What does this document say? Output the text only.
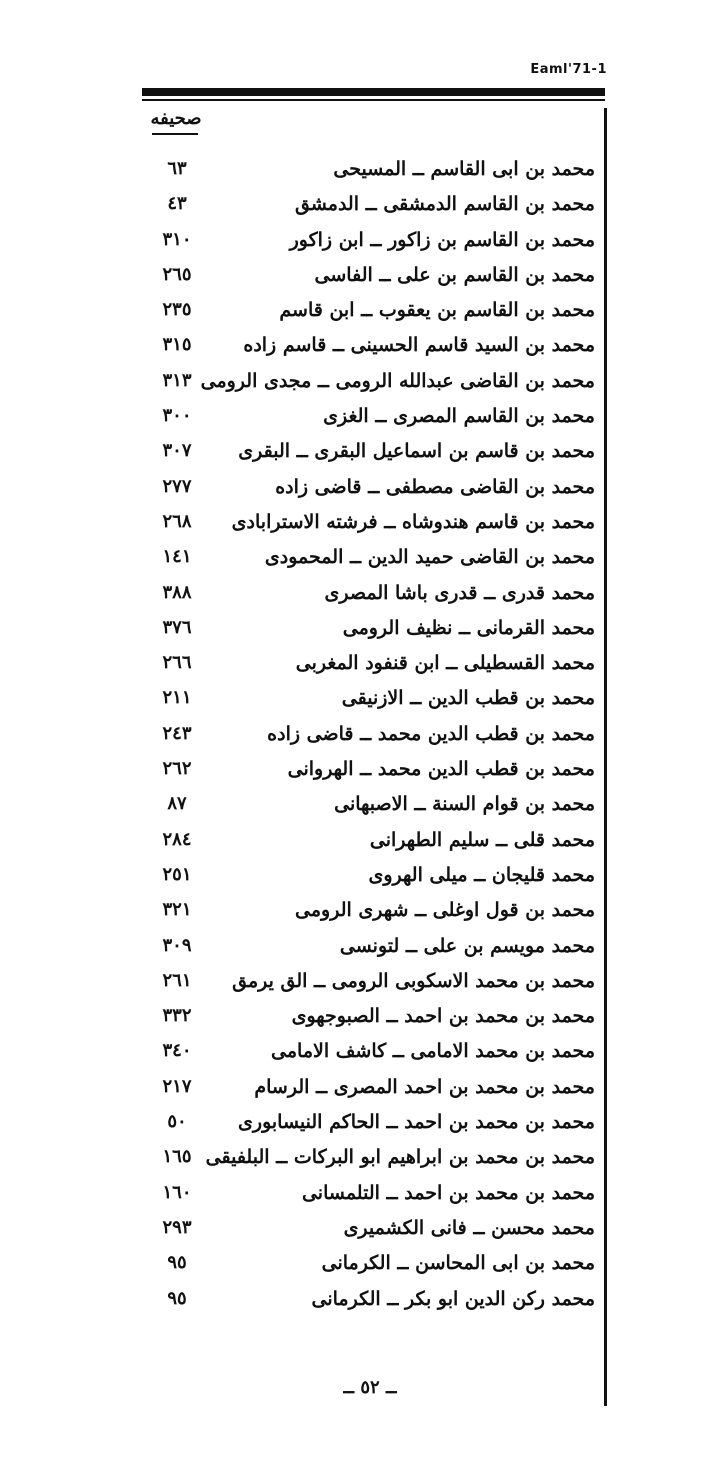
Eaml'71-1
صحيفه
محمد بن ابی القاسم ــ المسیحی
٦٣
محمد بن القاسم الدمشقی ــ الدمشق
٤٣
محمد بن القاسم بن زاکور ــ ابن زاکور
٣١٠
محمد بن القاسم بن علی ــ الفاسی
٢٦٥
محمد بن القاسم بن یعقوب ــ ابن قاسم
٢٣٥
محمد بن السید قاسم الحسینی ــ قاسم زاده
٣١٥
محمد بن القاضی عبدالله الرومی ــ مجدی الرومی
٣١٣
محمد بن القاسم المصری ــ الغزی
٣٠٠
محمد بن قاسم بن اسماعیل البقری ــ البقری
٣٠٧
محمد بن القاضی مصطفی ــ قاضی زاده
٢٧٧
محمد بن قاسم هندوشاه ــ فرشته الاسترابادی
٢٦٨
محمد بن القاضی حمید الدین ــ المحمودی
١٤١
محمد قدری ــ قدری باشا المصری
٣٨٨
محمد القرمانی ــ نظیف الرومی
٣٧٦
محمد القسطیلی ــ ابن قنفود المغربی
٢٦٦
محمد بن قطب الدین ــ الازنیقی
٢١١
محمد بن قطب الدین محمد ــ قاضی زاده
٢٤٣
محمد بن قطب الدین محمد ــ الهروانی
٢٦٢
محمد بن قوام السنة ــ الاصبهانی
٨٧
محمد قلی ــ سلیم الطهرانی
٢٨٤
محمد قلیجان ــ میلی الهروی
٢٥١
محمد بن قول اوغلی ــ شهری الرومی
٣٢١
محمد مویسم بن علی ــ لتونسی
٣٠٩
محمد بن محمد الاسکوبی الرومی ــ الق یرمق
٢٦١
محمد بن محمد بن احمد ــ الصبوجهوی
٣٣٢
محمد بن محمد الامامی ــ کاشف الامامی
٣٤٠
محمد بن محمد بن احمد المصری ــ الرسام
٢١٧
محمد بن محمد بن احمد ــ الحاکم النیسابوری
٥٠
محمد بن محمد بن ابراهیم ابو البرکات ــ البلفیقی
١٦٥
محمد بن محمد بن احمد ــ التلمسانی
١٦٠
محمد محسن ــ فانی الکشمیری
٢٩٣
محمد بن ابی المحاسن ــ الکرمانی
٩٥
محمد رکن الدین ابو بکر ــ الکرمانی
٩٥
ــ ٥٢ ــ
